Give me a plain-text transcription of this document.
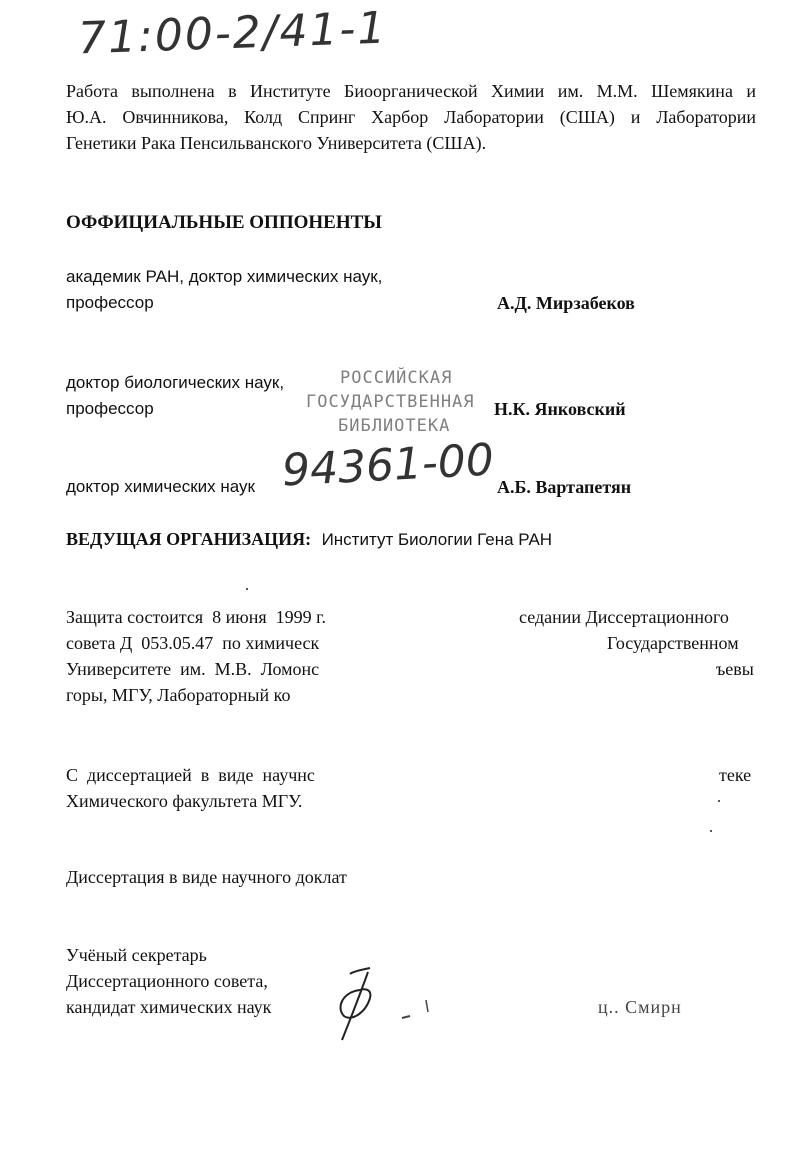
71:00-2/41-1
Работа выполнена в Институте Биоорганической Химии им. М.М. Шемякина и
Ю.А. Овчинникова, Колд Спринг Харбор Лаборатории (США) и Лаборатории
Генетики Рака Пенсильванского Университета (США).
ОФФИЦИАЛЬНЫЕ ОППОНЕНТЫ
академик РАН, доктор химических наук,
профессор	А.Д. Мирзабеков
доктор биологических наук,
профессор	Н.К. Янковский
РОССИЙСКАЯ
ГОСУДАРСТВЕННАЯ
БИБЛИОТЕКА
94361-00
доктор химических наук	А.Б. Вартапетян
ВЕДУЩАЯ ОРГАНИЗАЦИЯ: Институт Биологии Гена РАН
Защита состоится  8 июня  1999 г.	седании Диссертационного
совета Д  053.05.47  по химическ	Государственном
Университете  им.  М.В.  Ломонс	ъевы
горы, МГУ, Лабораторный ко
С  диссертацией  в  виде  научнс	теке
Химического факультета МГУ.
Диссертация в виде научного доклат
Учёный секретарь
Диссертационного совета,
кандидат химических наук	ц.. Смирн
